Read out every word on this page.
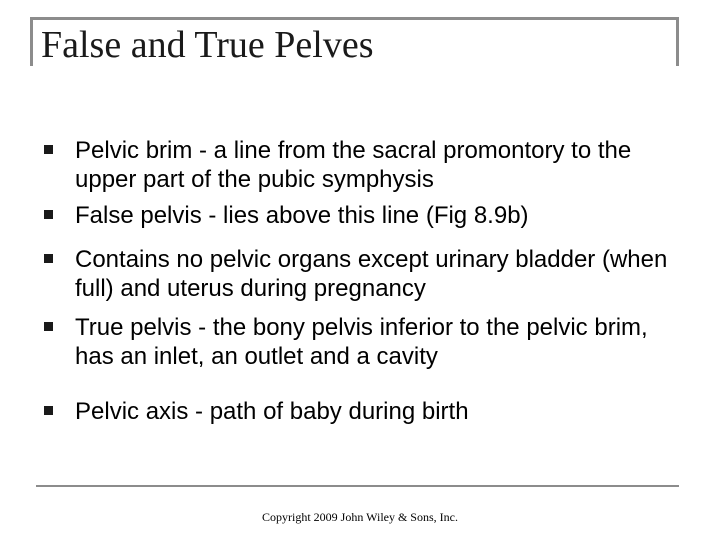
False and True Pelves
Pelvic brim - a line from the sacral promontory to the upper part of the pubic symphysis
False pelvis - lies above this line (Fig 8.9b)
Contains no pelvic organs except urinary bladder (when full) and uterus during pregnancy
True pelvis - the bony pelvis inferior to the pelvic brim, has an inlet, an outlet and a cavity
Pelvic axis - path of baby during birth
Copyright 2009 John Wiley & Sons, Inc.
